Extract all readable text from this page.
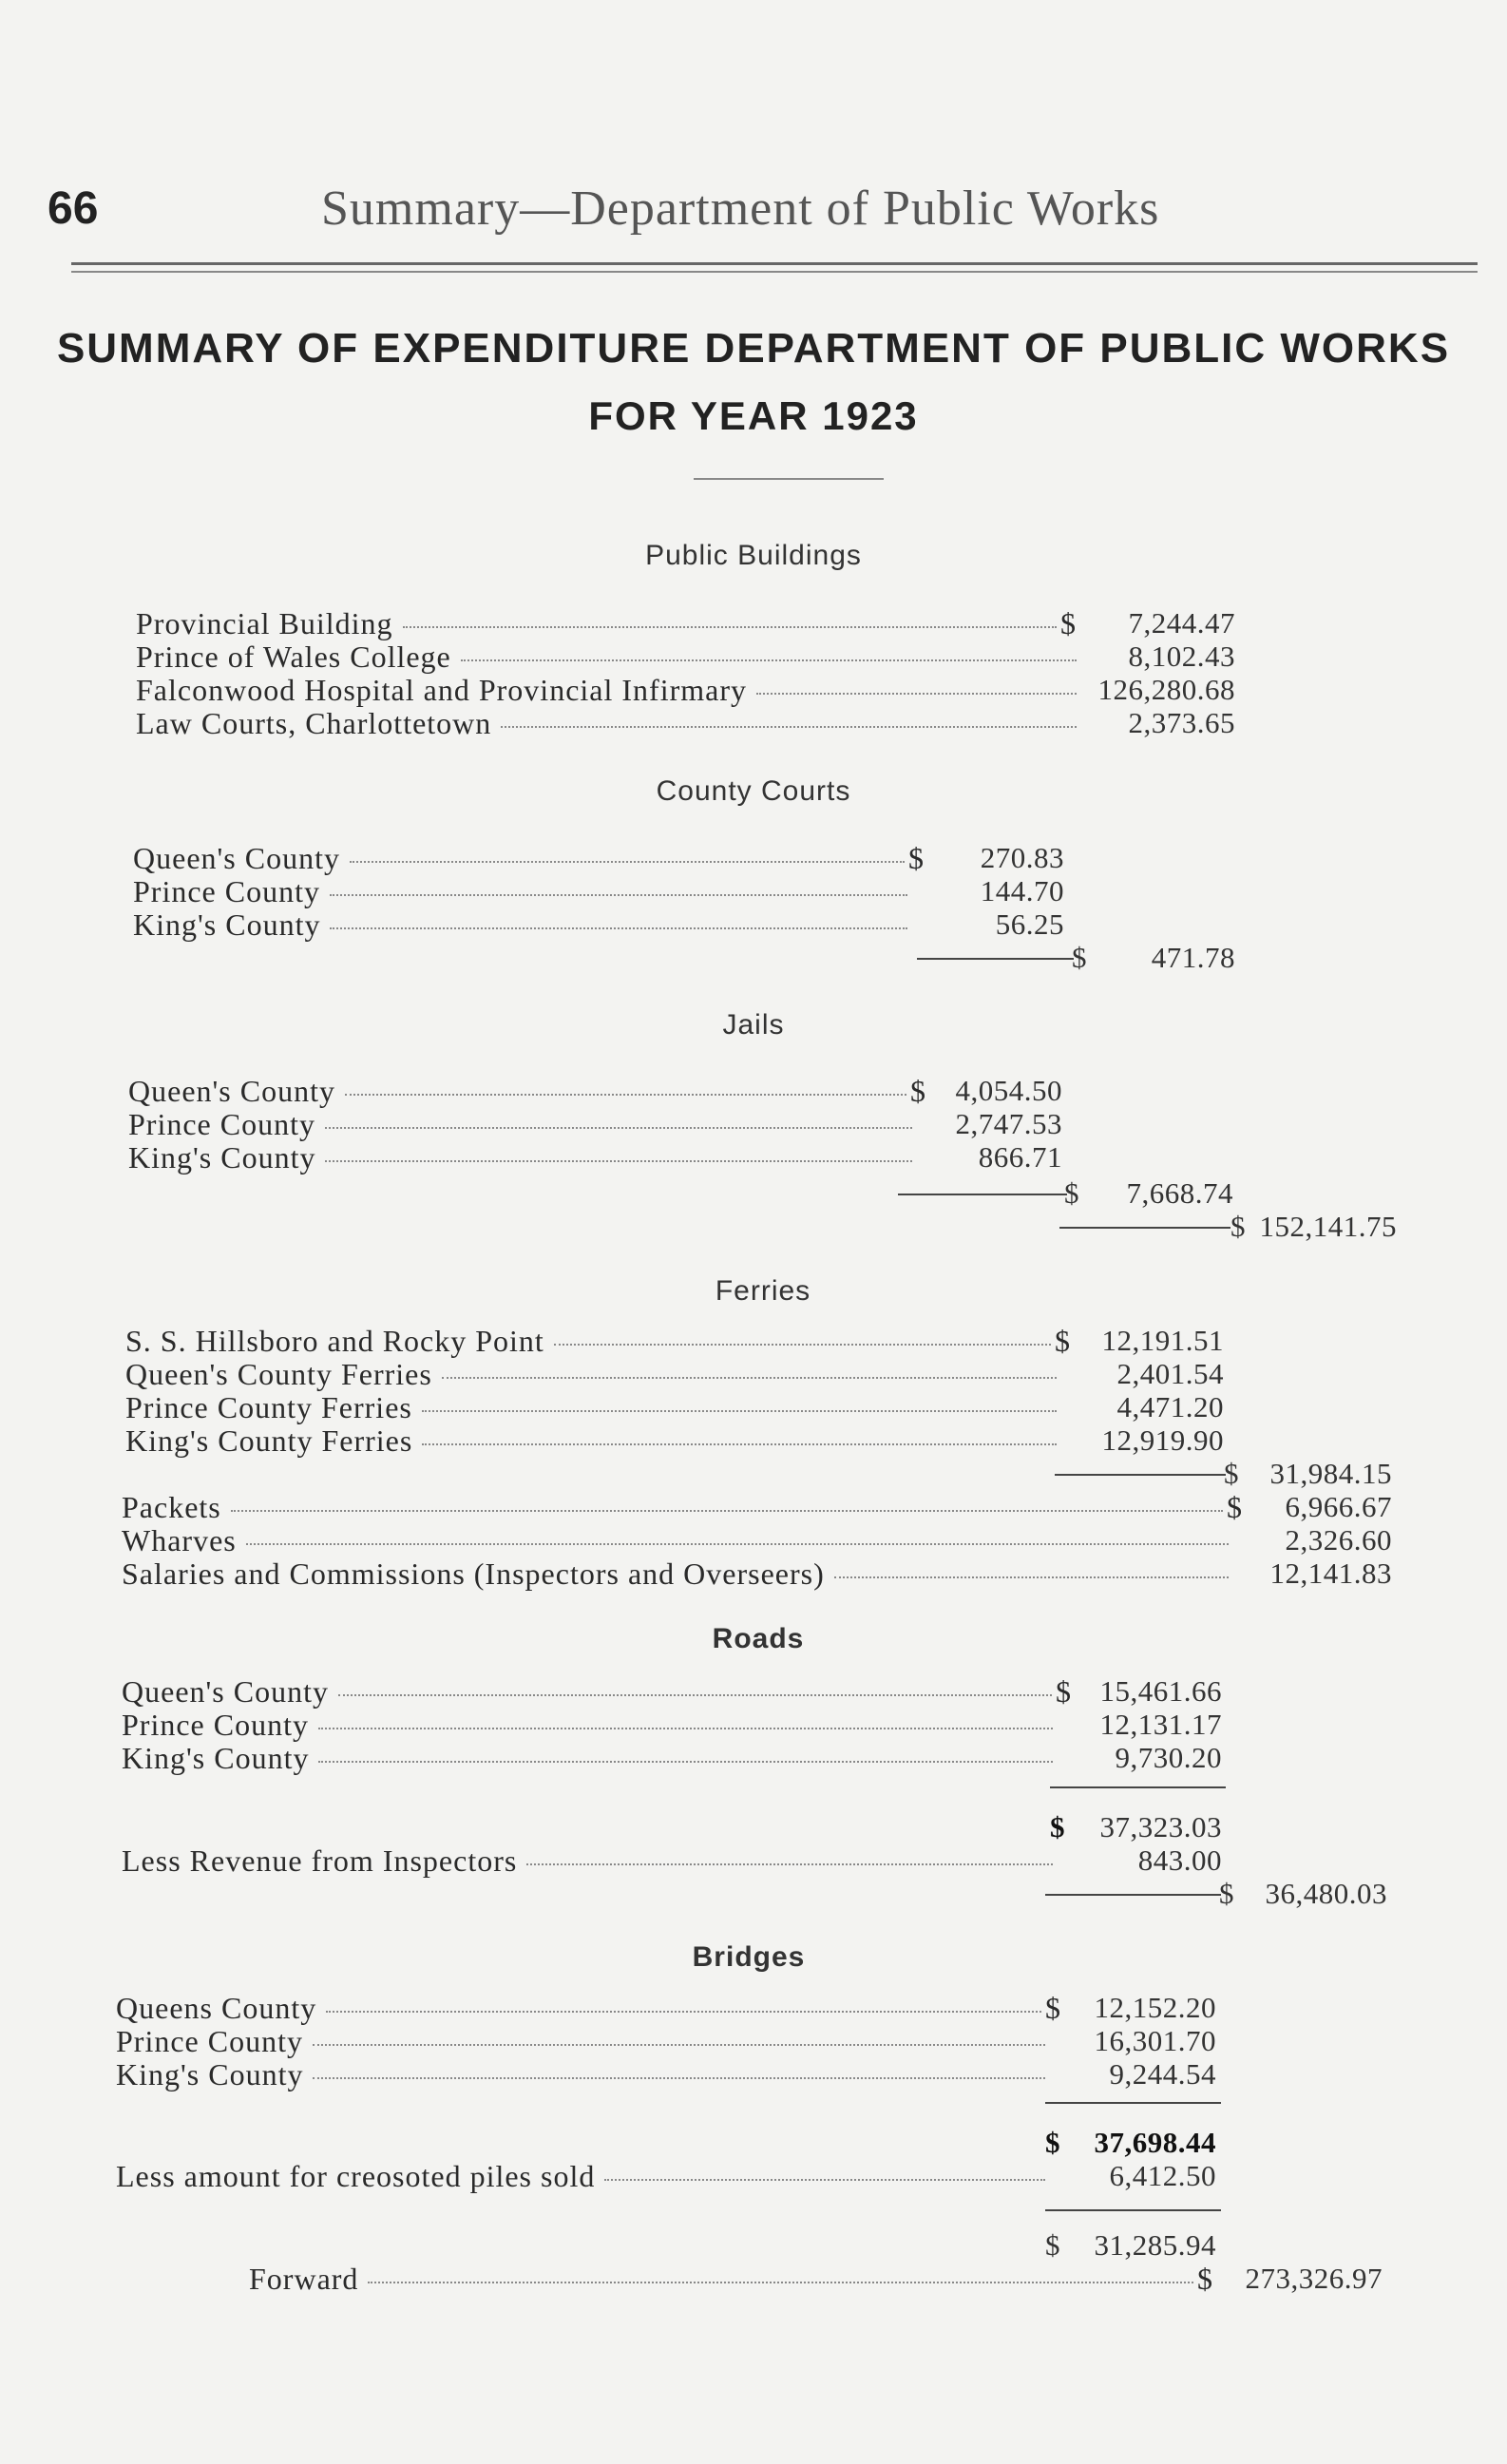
66	Summary—Department of Public Works
SUMMARY OF EXPENDITURE DEPARTMENT OF PUBLIC WORKS
FOR YEAR 1923
Public Buildings
Provincial Building	$	7,244.47
Prince of Wales College	8,102.43
Falconwood Hospital and Provincial Infirmary	126,280.68
Law Courts, Charlottetown	2,373.65
County Courts
Queen's County	$	270.83
Prince County	144.70
King's County	56.25
$	471.78
Jails
Queen's County	$ 4,054.50
Prince County	2,747.53
King's County	866.71
$	7,668.74
$ 152,141.75
Ferries
S. S. Hillsboro and Rocky Point	$	12,191.51
Queen's County Ferries	2,401.54
Prince County Ferries	4,471.20
King's County Ferries	12,919.90
$	31,984.15
Packets	$	6,966.67
Wharves	2,326.60
Salaries and Commissions (Inspectors and Overseers)	12,141.83
Roads
Queen's County	$ 15,461.66
Prince County	12,131.17
King's County	9,730.20
$	37,323.03
Less Revenue from Inspectors	843.00
$	36,480.03
Bridges
Queens County	$	12,152.20
Prince County	16,301.70
King's County	9,244.54
$	37,698.44
Less amount for creosoted piles sold	6,412.50
$	31,285.94
Forward	$	273,326.97
